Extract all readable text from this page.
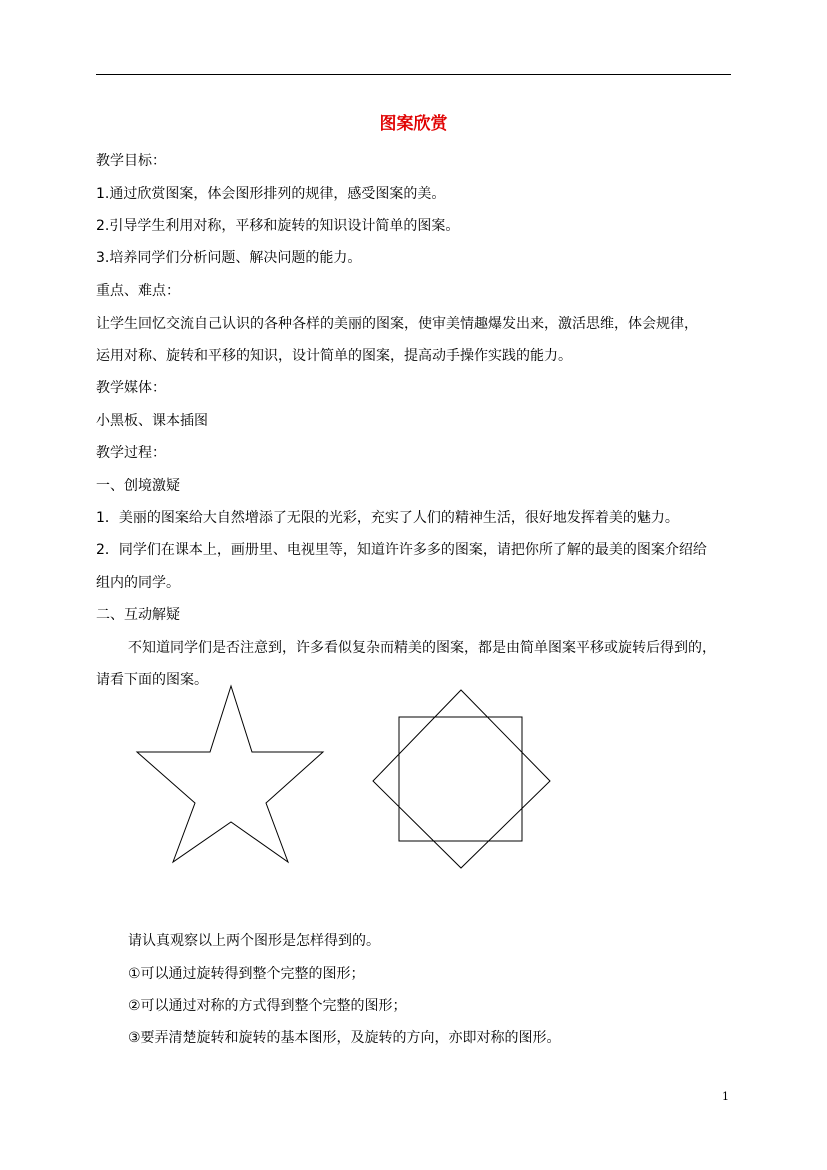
图案欣赏
教学目标：
1.通过欣赏图案，体会图形排列的规律，感受图案的美。
2.引导学生利用对称，平移和旋转的知识设计简单的图案。
3.培养同学们分析问题、解决问题的能力。
重点、难点：
让学生回忆交流自己认识的各种各样的美丽的图案，使审美情趣爆发出来，激活思维，体会规律，
运用对称、旋转和平移的知识，设计简单的图案，提高动手操作实践的能力。
教学媒体：
小黑板、课本插图
教学过程：
一、创境激疑
1．美丽的图案给大自然增添了无限的光彩，充实了人们的精神生活，很好地发挥着美的魅力。
2．同学们在课本上，画册里、电视里等，知道许许多多的图案，请把你所了解的最美的图案介绍给
组内的同学。
二、互动解疑
不知道同学们是否注意到，许多看似复杂而精美的图案，都是由简单图案平移或旋转后得到的，
请看下面的图案。
请认真观察以上两个图形是怎样得到的。
①可以通过旋转得到整个完整的图形；
②可以通过对称的方式得到整个完整的图形；
③要弄清楚旋转和旋转的基本图形，及旋转的方向，亦即对称的图形。
1
